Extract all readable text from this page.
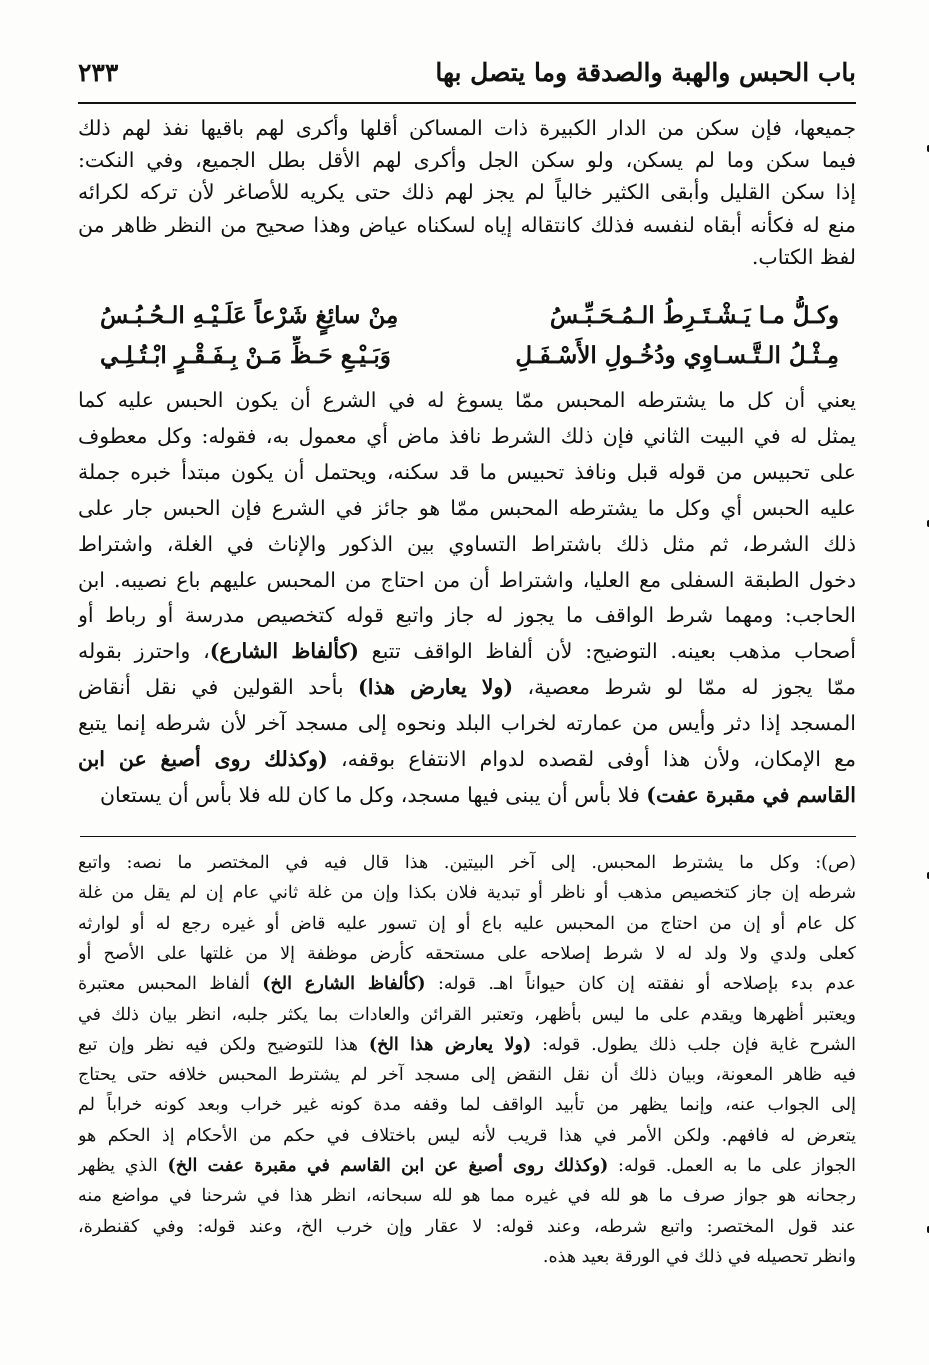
باب الحبس والهبة والصدقة وما يتصل بها
٢٣٣
جميعها، فإن سكن من الدار الكبيرة ذات المساكن أقلها وأكرى لهم باقيها نفذ لهم ذلك
فيما سكن وما لم يسكن، ولو سكن الجل وأكرى لهم الأقل بطل الجميع، وفي النكت:
إذا سكن القليل وأبقى الكثير خالياً لم يجز لهم ذلك حتى يكريه للأصاغر لأن تركه لكرائه
منع له فكأنه أبقاه لنفسه فذلك كانتقاله إياه لسكناه عياض وهذا صحيح من النظر ظاهر من
لفظ الكتاب.
وكـلُّ مـا يَـشْـتَـرِطُ الـمُـحَـبِّـسُ
مِنْ سائِغٍ شَرْعاً عَلَـيْـهِ الـحُـبُـسُ
مِـثْـلُ الـتَّـسـاوِي ودُخُـولِ الأَسْـفَـلِ
وَبَـيْـعِ حَـظِّ مَـنْ بِـفَـقْـرٍ ابْـتُـلِـي
يعني أن كل ما يشترطه المحبس ممّا يسوغ له في الشرع أن يكون الحبس عليه كما
يمثل له في البيت الثاني فإن ذلك الشرط نافذ ماض أي معمول به، فقوله: وكل معطوف
على تحبيس من قوله قبل ونافذ تحبيس ما قد سكنه، ويحتمل أن يكون مبتدأ خبره جملة
عليه الحبس أي وكل ما يشترطه المحبس ممّا هو جائز في الشرع فإن الحبس جار على
ذلك الشرط، ثم مثل ذلك باشتراط التساوي بين الذكور والإناث في الغلة، واشتراط
دخول الطبقة السفلى مع العليا، واشتراط أن من احتاج من المحبس عليهم باع نصيبه. ابن
الحاجب: ومهما شرط الواقف ما يجوز له جاز واتبع قوله كتخصيص مدرسة أو رباط أو
أصحاب مذهب بعينه. التوضيح: لأن ألفاظ الواقف تتبع (كألفاظ الشارع)، واحترز بقوله
ممّا يجوز له ممّا لو شرط معصية، (ولا يعارض هذا) بأحد القولين في نقل أنقاض
المسجد إذا دثر وأيس من عمارته لخراب البلد ونحوه إلى مسجد آخر لأن شرطه إنما يتبع
مع الإمكان، ولأن هذا أوفى لقصده لدوام الانتفاع بوقفه، (وكذلك روى أصبغ عن ابن
القاسم في مقبرة عفت) فلا بأس أن يبنى فيها مسجد، وكل ما كان لله فلا بأس أن يستعان
(ص): وكل ما يشترط المحبس. إلى آخر البيتين. هذا قال فيه في المختصر ما نصه: واتبع
شرطه إن جاز كتخصيص مذهب أو ناظر أو تبدية فلان بكذا وإن من غلة ثاني عام إن لم يقل من غلة
كل عام أو إن من احتاج من المحبس عليه باع أو إن تسور عليه قاض أو غيره رجع له أو لوارثه
كعلى ولدي ولا ولد له لا شرط إصلاحه على مستحقه كأرض موظفة إلا من غلتها على الأصح أو
عدم بدء بإصلاحه أو نفقته إن كان حيواناً اهـ. قوله: (كألفاظ الشارع الخ) ألفاظ المحبس معتبرة
ويعتبر أظهرها ويقدم على ما ليس بأظهر، وتعتبر القرائن والعادات بما يكثر جلبه، انظر بيان ذلك في
الشرح غاية فإن جلب ذلك يطول. قوله: (ولا يعارض هذا الخ) هذا للتوضيح ولكن فيه نظر وإن تبع
فيه ظاهر المعونة، وبيان ذلك أن نقل النقض إلى مسجد آخر لم يشترط المحبس خلافه حتى يحتاج
إلى الجواب عنه، وإنما يظهر من تأبيد الواقف لما وقفه مدة كونه غير خراب وبعد كونه خراباً لم
يتعرض له فافهم. ولكن الأمر في هذا قريب لأنه ليس باختلاف في حكم من الأحكام إذ الحكم هو
الجواز على ما به العمل. قوله: (وكذلك روى أصبغ عن ابن القاسم في مقبرة عفت الخ) الذي يظهر
رجحانه هو جواز صرف ما هو لله في غيره مما هو لله سبحانه، انظر هذا في شرحنا في مواضع منه
عند قول المختصر: واتبع شرطه، وعند قوله: لا عقار وإن خرب الخ، وعند قوله: وفي كقنطرة،
وانظر تحصيله في ذلك في الورقة بعيد هذه.
